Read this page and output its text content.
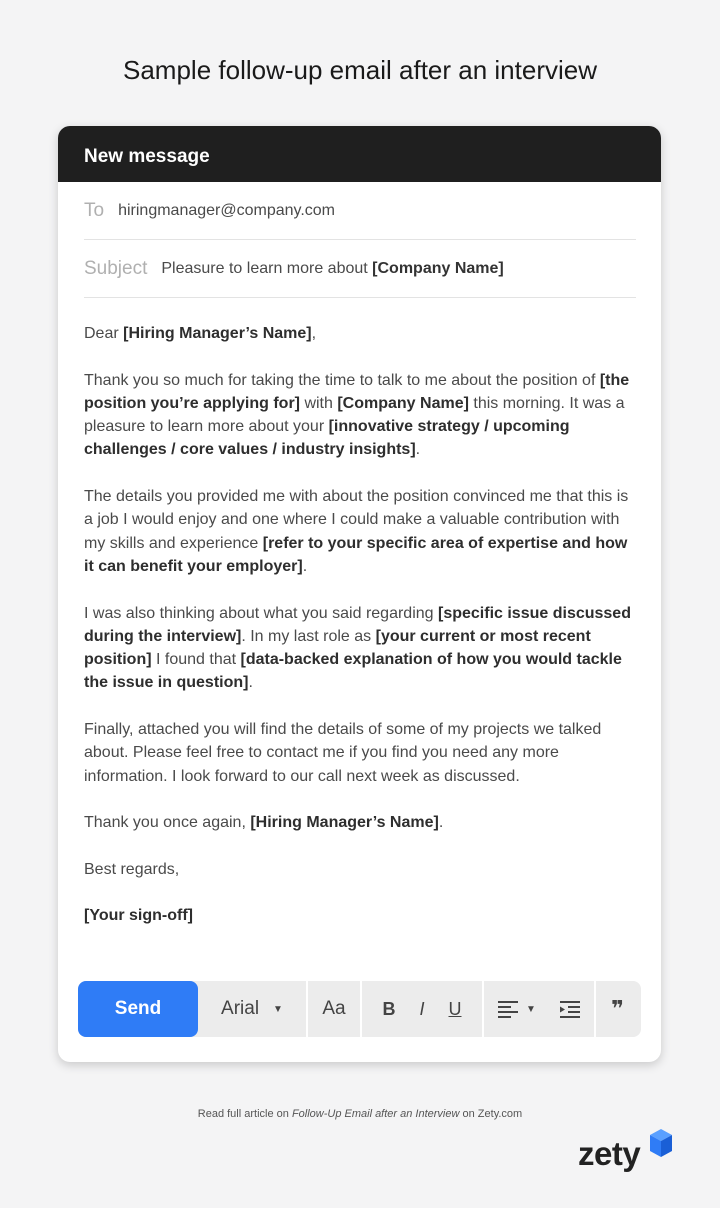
Sample follow-up email after an interview
New message
To hiringmanager@company.com
Subject Pleasure to learn more about [Company Name]

Dear [Hiring Manager’s Name],

Thank you so much for taking the time to talk to me about the position of [the position you’re applying for] with [Company Name] this morning. It was a pleasure to learn more about your [innovative strategy / upcoming challenges / core values / industry insights].

The details you provided me with about the position convinced me that this is a job I would enjoy and one where I could make a valuable contribution with my skills and experience [refer to your specific area of expertise and how it can benefit your employer].

I was also thinking about what you said regarding [specific issue discussed during the interview]. In my last role as [your current or most recent position] I found that [data-backed explanation of how you would tackle the issue in question].

Finally, attached you will find the details of some of my projects we talked about. Please feel free to contact me if you find you need any more information. I look forward to our call next week as discussed.

Thank you once again, [Hiring Manager’s Name].

Best regards,

[Your sign-off]

Send	Arial ▼ Aa B I U	▼	❞
Read full article on Follow-Up Email after an Interview on Zety.com
zety
